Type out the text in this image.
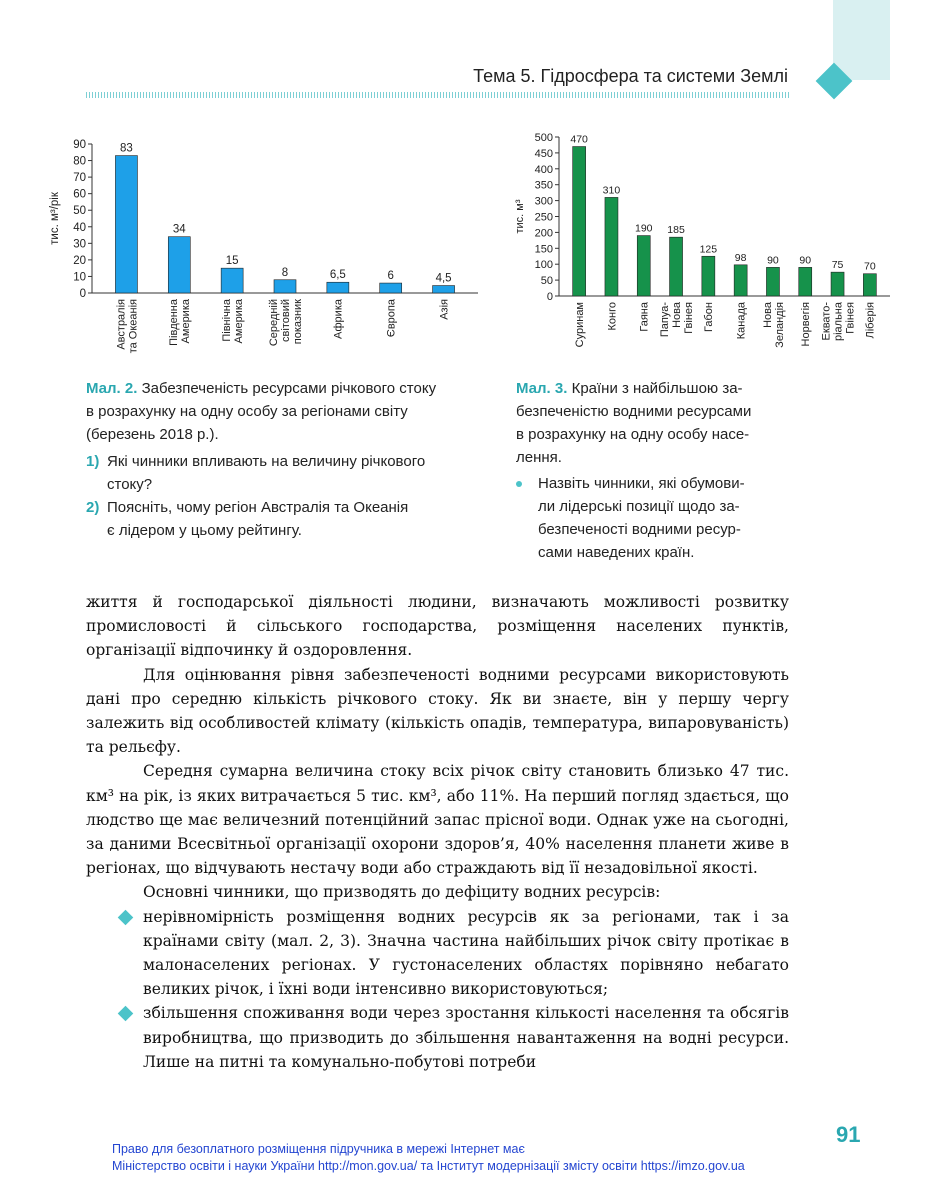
Тема 5. Гідросфера та системи Землі
0
10
20
30
40
50
60
70
80
90
тис. м³/рік
83
Австралія та Океанія
34
Південна Америка
15
Північна Америка
8
Середній світовий показник
6,5
Африка
6
Європа
4,5
Азія
0
50
100
150
200
250
300
350
400
450
500
тис. м³
470
Суринам
310
Конго
190
Гаяна
185
Папуа- Нова Гвінея
125
Габон
98
Канада
90
Нова Зеландія
90
Норвегія
75
Еквато- ріальна Гвінея
70
Ліберія
Мал. 2. Забезпеченість ресурсами річкового стоку
в розрахунку на одну особу за регіонами світу
(березень 2018 р.).
1) Які чинники впливають на величину річкового
стоку?
2) Поясніть, чому регіон Австралія та Океанія
є лідером у цьому рейтингу.
Мал. 3. Країни з найбільшою за-
безпеченістю водними ресурсами
в розрахунку на одну особу насе-
лення.
Назвіть чинники, які обумови-
ли лідерські позиції щодо за-
безпеченості водними ресур-
сами наведених країн.

життя й господарської діяльності людини, визначають можливості розвитку промисловості й сільського господарства, розміщення населених пунктів, організації відпочинку й оздоровлення.

Для оцінювання рівня забезпеченості водними ресурсами використовують дані про середню кількість річкового стоку. Як ви знаєте, він у першу чергу залежить від особливостей клімату (кількість опадів, температура, випаровуваність) та рельєфу.

Середня сумарна величина стоку всіх річок світу становить близько 47 тис. км³ на рік, із яких витрачається 5 тис. км³, або 11%. На перший погляд здається, що людство ще має величезний потенційний запас прісної води. Однак уже на сьогодні, за даними Всесвітньої організації охорони здоров’я, 40% населення планети живе в регіонах, що відчувають нестачу води або страждають від її незадовільної якості.

Основні чинники, що призводять до дефіциту водних ресурсів:

нерівномірність розміщення водних ресурсів як за регіонами, так і за країнами світу (мал. 2, 3). Значна частина найбільших річок світу протікає в малонаселених регіонах. У густонаселених областях порівняно небагато великих річок, і їхні води інтенсивно використовуються;
збільшення споживання води через зростання кількості населення та обсягів виробництва, що призводить до збільшення навантаження на водні ресурси. Лише на питні та комунально-побутові потреби
91
Право для безоплатного розміщення підручника в мережі Інтернет має
Міністерство освіти і науки України http://mon.gov.ua/ та Інститут модернізації змісту освіти https://imzo.gov.ua
